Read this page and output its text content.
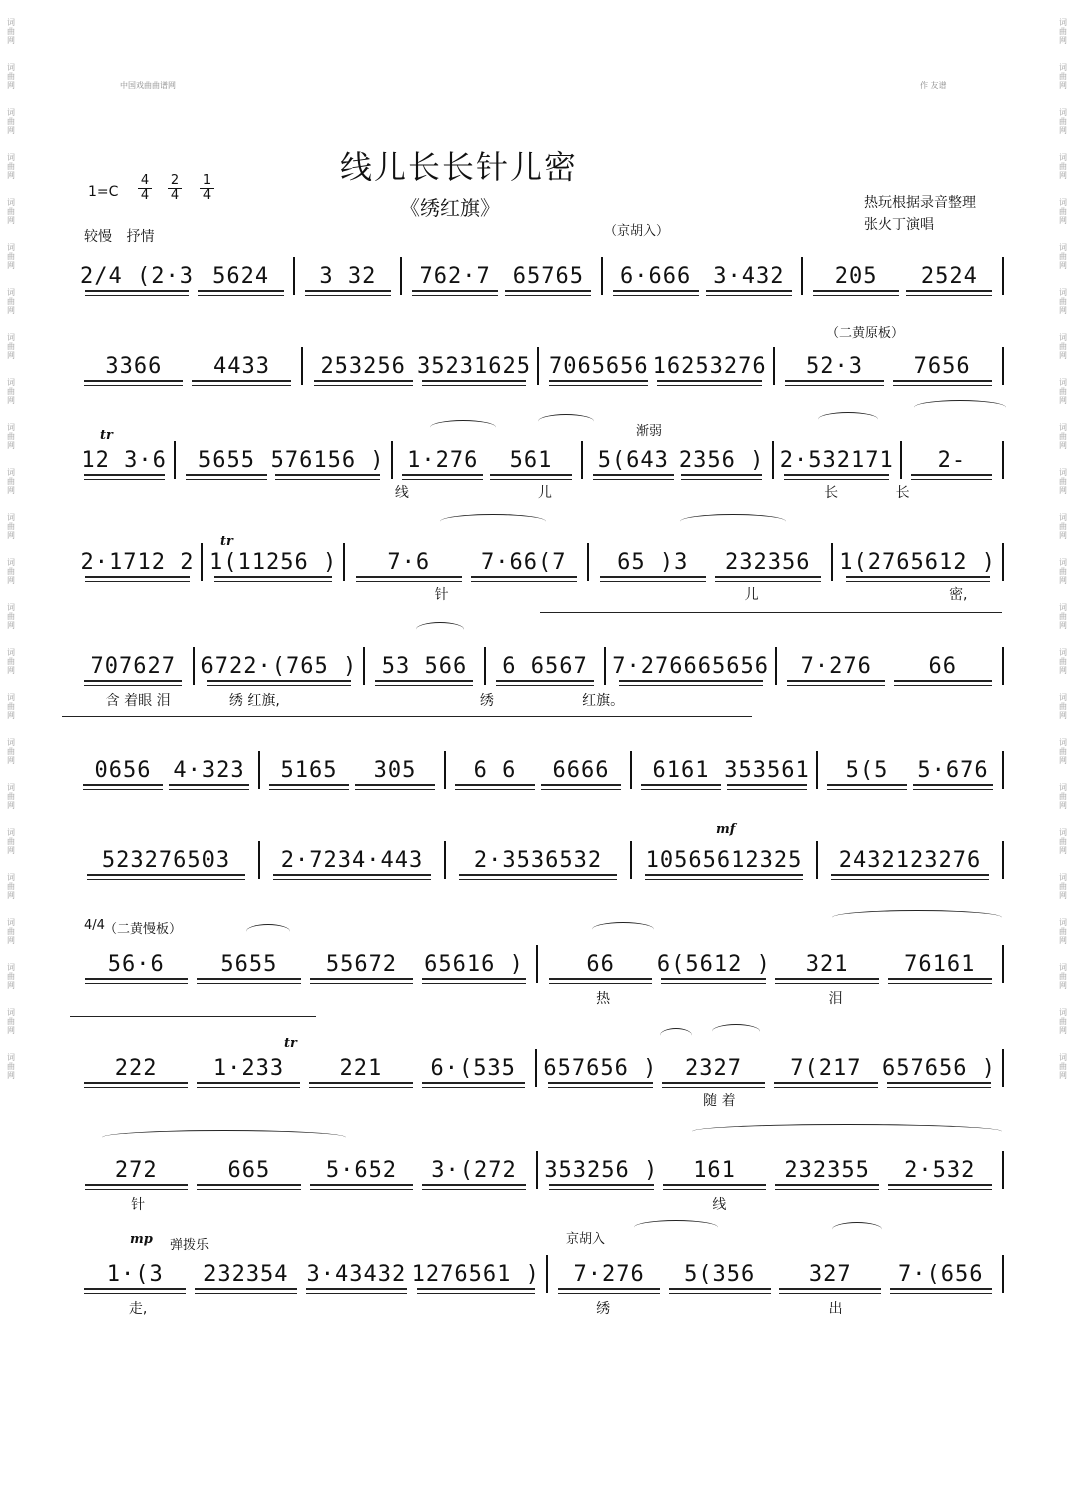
词
曲
网
词
曲
网
词
曲
网
词
曲
网
词
曲
网
词
曲
网
词
曲
网
词
曲
网
词
曲
网
词
曲
网
词
曲
网
词
曲
网
词
曲
网
词
曲
网
词
曲
网
词
曲
网
词
曲
网
词
曲
网
词
曲
网
词
曲
网
词
曲
网
词
曲
网
词
曲
网
词
曲
网
词
曲
网
词
曲
网
词
曲
网
词
曲
网
词
曲
网
词
曲
网
词
曲
网
词
曲
网
词
曲
网
词
曲
网
词
曲
网
词
曲
网
词
曲
网
词
曲
网
词
曲
网
词
曲
网
词
曲
网
词
曲
网
词
曲
网
词
曲
网
词
曲
网
词
曲
网
词
曲
网
词
曲
网
中国戏曲曲谱网	作 友谱
线儿长长针儿密
《绣红旗》	热玩根据录音整理
张火丁演唱
1=C
4
4
2
4
1
4
较慢 抒情	（京胡入）
（二黄原板）
渐弱
tr
tr
mf
4/4 （二黄慢板）
tr
mp 弹拨乐	京胡入
2/4 (2·3 5624	3 32	762·7	65765	6·666	3·432	205	2524
3366	4433	253256 35231625 7065656 16253276	52·3	7656
12 3·6	5655 576156 )	1·276	561	5(643 2356 ) 2·532171	2-
2·1712 2 1(11256 )	7·6	7·66(7	65 )3	232356	1(2765612 )
707627	6722·(765 )	53 566	6 6567	7·276665656	7·276	66
0656 4·323	5165	305	6 6	6666	6161 353561	5(5	5·676
523276503	2·7234·443	2·3536532	10565612325	2432123276
56·6	5655	55672	65616 )	66	6(5612 )	321	76161
222	1·233	221	6·(535	657656 )	2327	7(217 657656 )
272	665	5·652	3·(272	353256 )	161	232355	2·532
1·(3	232354 3·43432 1276561 )	7·276	5(356	327	7·(656
线	儿	长	长
针	儿	密,
含 着眼 泪	绣 红旗,	绣	红旗。
热	泪
随 着
针	线
走,	绣	出
